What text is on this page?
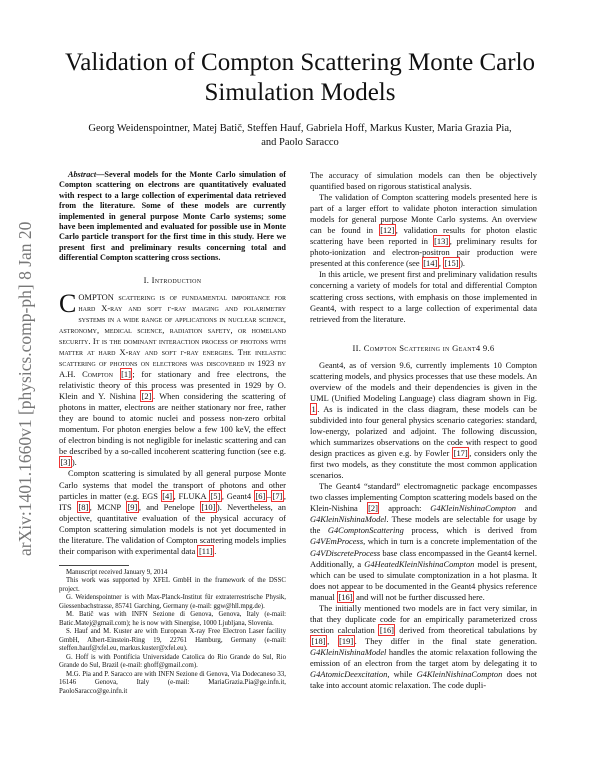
arXiv:1401.1660v1 [physics.comp-ph] 8 Jan 2014
Validation of Compton Scattering Monte Carlo
Simulation Models
Georg Weidenspointner, Matej Batič, Steffen Hauf, Gabriela Hoff, Markus Kuster, Maria Grazia Pia,
and Paolo Saracco

Abstract—Several models for the Monte Carlo simulation of Compton scattering on electrons are quantitatively evaluated with respect to a large collection of experimental data retrieved from the literature. Some of these models are currently implemented in general purpose Monte Carlo systems; some have been implemented and evaluated for possible use in Monte Carlo particle transport for the first time in this study. Here we present first and preliminary results concerning total and differential Compton scattering cross sections.

I. Introduction

COMPTON scattering is of fundamental importance for hard X-ray and soft γ-ray imaging and polarimetry systems in a wide range of applications in nuclear science, astronomy, medical science, radiation safety, or homeland security. It is the dominant interaction process of photons with matter at hard X-ray and soft γ-ray energies. The inelastic scattering of photons on electrons was discovered in 1923 by A.H. Compton [1] ; for stationary and free electrons, the relativistic theory of this process was presented in 1929 by O. Klein and Y. Nishina [2] . When considering the scattering of photons in matter, electrons are neither stationary nor free, rather they are bound to atomic nuclei and possess non-zero orbital momentum. For photon energies below a few 100 keV, the effect of electron binding is not negligible for inelastic scattering and can be described by a so-called incoherent scattering function (see e.g. [3] ).

Compton scattering is simulated by all general purpose Monte Carlo systems that model the transport of photons and other particles in matter (e.g. EGS [4] , FLUKA [5] , Geant4 [6] – [7] , ITS [8] , MCNP [9] , and Penelope [10] ). Nevertheless, an objective, quantitative evaluation of the physical accuracy of Compton scattering simulation models is not yet documented in the literature. The validation of Compton scattering models implies their comparison with experimental data [11] .

Manuscript received January 9, 2014

This work was supported by XFEL GmbH in the framework of the DSSC project.

G. Weidenspointner is with Max-Planck-Institut für extraterrestrische Physik, Giessenbachstrasse, 85741 Garching, Germany (e-mail: ggw@hll.mpg.de).

M. Batič was with INFN Sezione di Genova, Genova, Italy (e-mail: Batic.Matej@gmail.com); he is now with Sinergise, 1000 Ljubljana, Slovenia.

S. Hauf and M. Kuster are with European X-ray Free Electron Laser facility GmbH, Albert-Einstein-Ring 19, 22761 Hamburg, Germany (e-mail: steffen.hauf@xfel.eu, markus.kuster@xfel.eu).

G. Hoff is with Pontifícia Universidade Catolica do Rio Grande do Sul, Rio Grande do Sul, Brazil (e-mail: ghoff@gmail.com).

M.G. Pia and P. Saracco are with INFN Sezione di Genova, Via Dodecaneso 33, 16146 Genova, Italy (e-mail: MariaGrazia.Pia@ge.infn.it, PaoloSaracco@ge.infn.it

The accuracy of simulation models can then be objectively quantified based on rigorous statistical analysis.

The validation of Compton scattering models presented here is part of a larger effort to validate photon interaction simulation models for general purpose Monte Carlo systems. An overview can be found in [12] , validation results for photon elastic scattering have been reported in [13] , preliminary results for photo-ionization and electron-positron pair production were presented at this conference (see [14] , [15] ).

In this article, we present first and preliminary validation results concerning a variety of models for total and differential Compton scattering cross sections, with emphasis on those implemented in Geant4, with respect to a large collection of experimental data retrieved from the literature.

II. Compton Scattering in Geant4 9.6

Geant4, as of version 9.6, currently implements 10 Compton scattering models, and physics processes that use these models. An overview of the models and their dependencies is given in the UML (Unified Modeling Language) class diagram shown in Fig. 1 . As is indicated in the class diagram, these models can be subdivided into four general physics scenario categories: standard, low-energy, polarized and adjoint. The following discussion, which summarizes observations on the code with respect to good design practices as given e.g. by Fowler [17] , considers only the first two models, as they constitute the most common application scenarios.

The Geant4 “standard” electromagnetic package encompasses two classes implementing Compton scattering models based on the Klein-Nishina [2] approach: G4KleinNishinaCompton and G4KleinNishinaModel. These models are selectable for usage by the G4ComptonScattering process, which is derived from G4VEmProcess, which in turn is a concrete implementation of the G4VDiscreteProcess base class encompassed in the Geant4 kernel. Additionally, a G4HeatedKleinNishinaCompton model is present, which can be used to simulate comptonization in a hot plasma. It does not appear to be documented in the Geant4 physics reference manual [16] and will not be further discussed here.

The initially mentioned two models are in fact very similar, in that they duplicate code for an empirically parameterized cross section calculation [16] derived from theoretical tabulations by [18] , [19] . They differ in the final state generation. G4KleinNishinaModel handles the atomic relaxation following the emission of an electron from the target atom by delegating it to G4AtomicDeexcitation, while G4KleinNishinaCompton does not take into account atomic relaxation. The code dupli-
